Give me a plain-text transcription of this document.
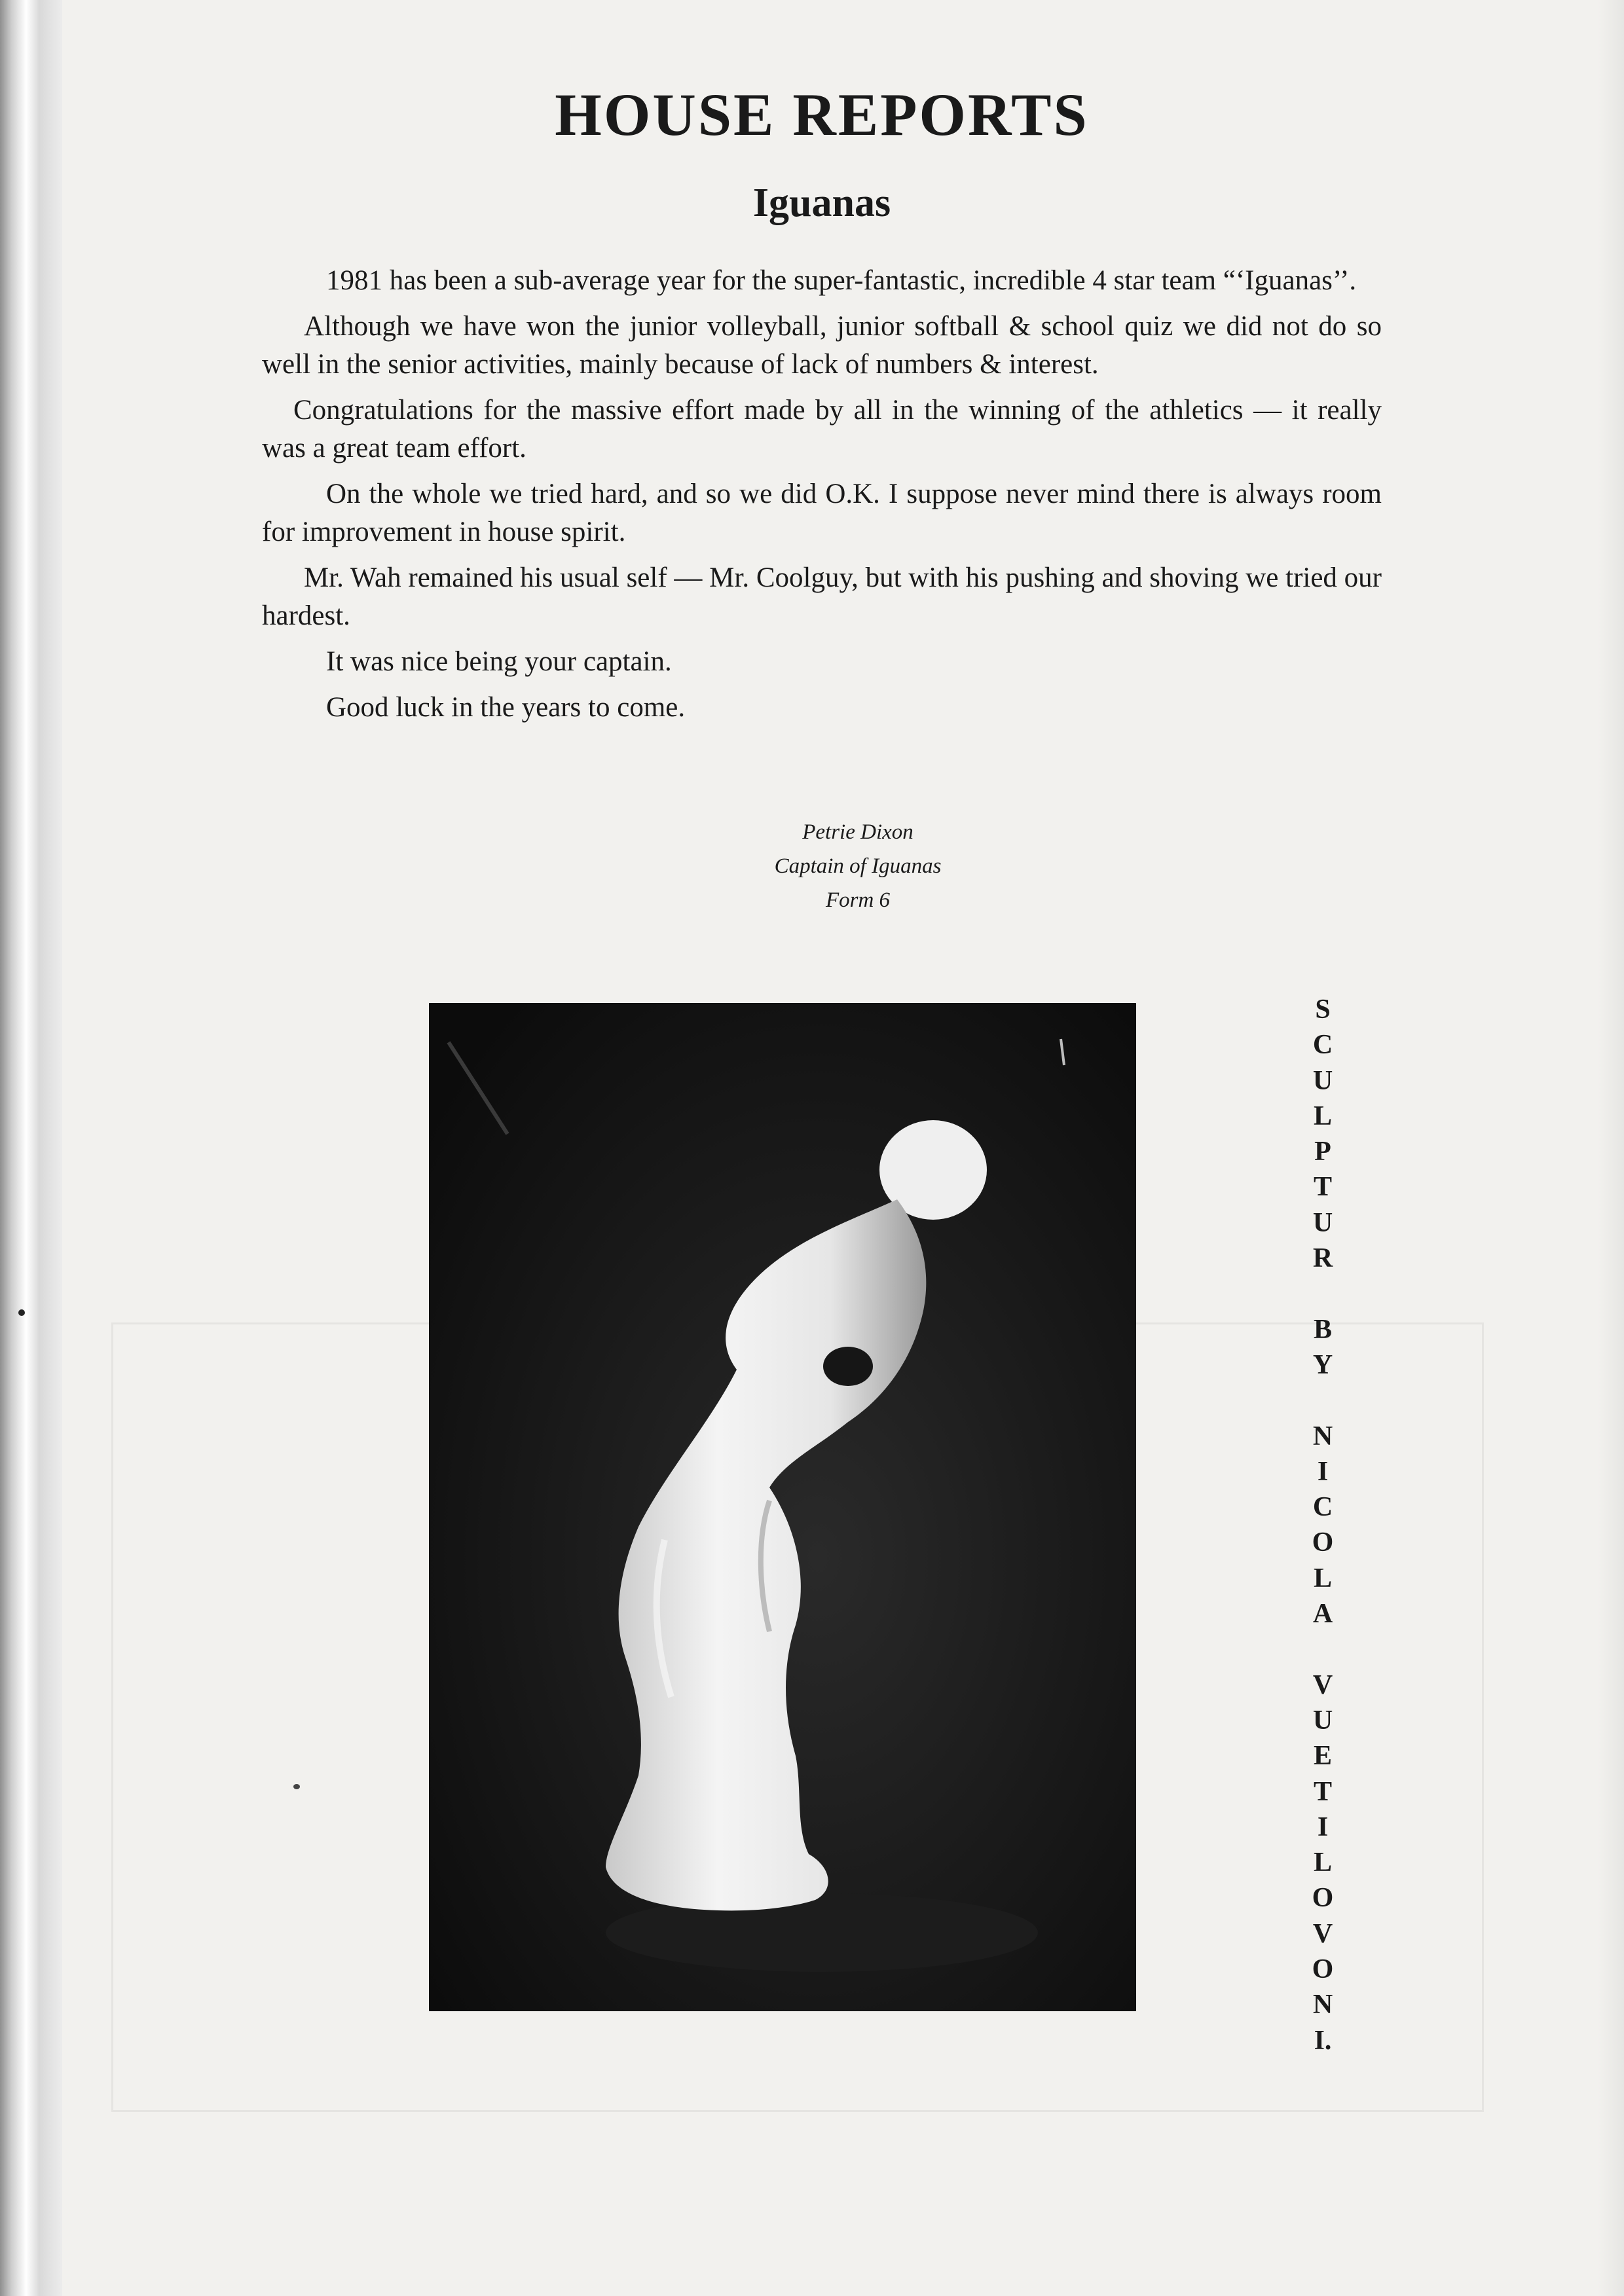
HOUSE REPORTS
Iguanas

1981 has been a sub-average year for the super-fantastic, incredible 4 star team “‘Iguanas’’.

Although we have won the junior volleyball, junior softball & school quiz we did not do so well in the senior activities, mainly because of lack of numbers & interest.

Congratulations for the massive effort made by all in the winning of the athletics — it really was a great team effort.

On the whole we tried hard, and so we did O.K. I suppose never mind there is always room for improvement in house spirit.

Mr. Wah remained his usual self — Mr. Coolguy, but with his pushing and shoving we tried our hardest.

It was nice being your captain.

Good luck in the years to come.

Petrie Dixon
Captain of Iguanas
Form 6
S
C
U
L
P
T
U
R
B
Y
N
I
C
O
L
A
V
U
E
T
I
L
O
V
O
N
I.
